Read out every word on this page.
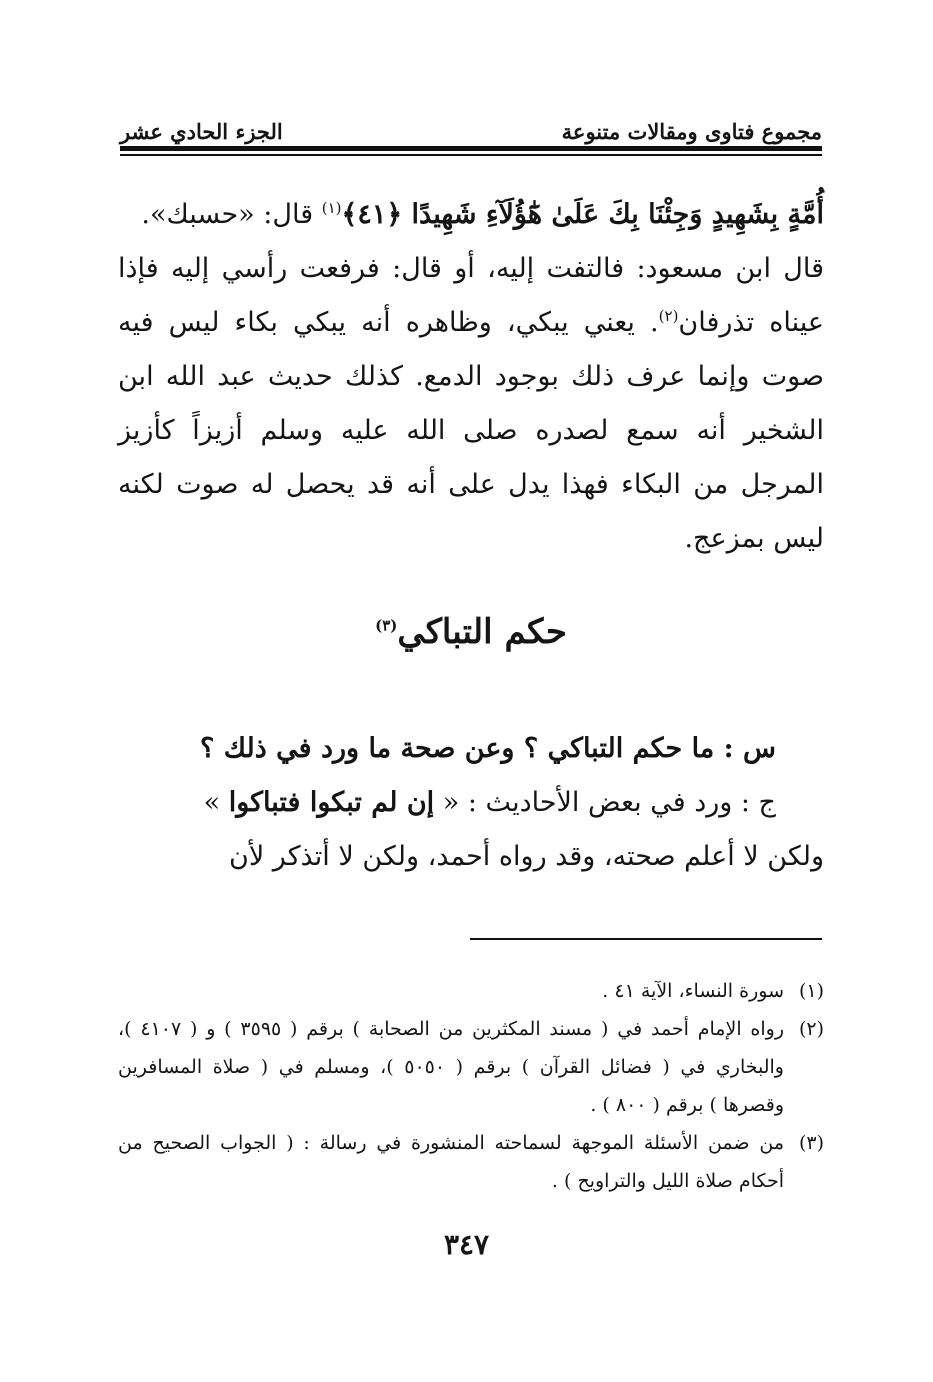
مجموع فتاوى ومقالات متنوعة
الجزء الحادي عشر

أُمَّةٍ بِشَهِيدٍ وَجِئْنَا بِكَ عَلَىٰ هَٰٓؤُلَآءِ شَهِيدًا ﴿٤١﴾$^{(١)}$ قال: «حسبك».

قال ابن مسعود: فالتفت إليه، أو قال: فرفعت رأسي إليه فإذا عيناه تذرفان$^{(٢)}$. يعني يبكي، وظاهره أنه يبكي بكاء ليس فيه صوت وإنما عرف ذلك بوجود الدمع. كذلك حديث عبد الله ابن الشخير أنه سمع لصدره صلى الله عليه وسلم أزيزاً كأزيز المرجل من البكاء فهذا يدل على أنه قد يحصل له صوت لكنه ليس بمزعج.

حكم التباكي$^{(٣)}$

س : ما حكم التباكي ؟ وعن صحة ما ورد في ذلك ؟

ج : ورد في بعض الأحاديث : « إن لم تبكوا فتباكوا »

ولكن لا أعلم صحته، وقد رواه أحمد، ولكن لا أتذكر لأن

(١)
سورة النساء، الآية ٤١ .
(٢)
رواه الإمام أحمد في ( مسند المكثرين من الصحابة ) برقم ( ٣٥٩٥ ) و ( ٤١٠٧ )، والبخاري في ( فضائل القرآن ) برقم ( ٥٠٥٠ )، ومسلم في ( صلاة المسافرين وقصرها ) برقم ( ٨٠٠ ) .
(٣)
من ضمن الأسئلة الموجهة لسماحته المنشورة في رسالة : ( الجواب الصحيح من أحكام صلاة الليل والتراويح ) .
٣٤٧
